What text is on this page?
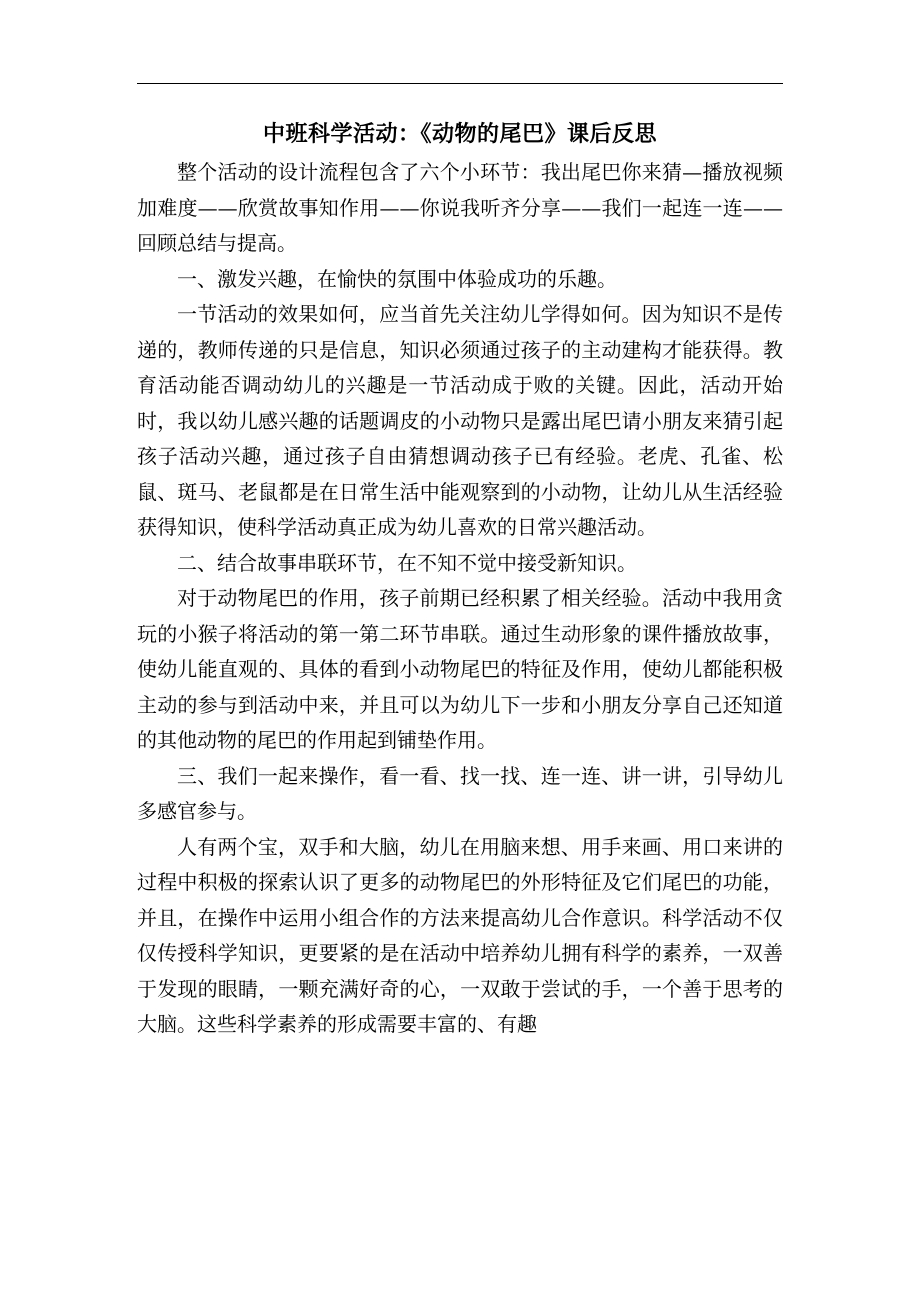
中班科学活动：《动物的尾巴》课后反思

整个活动的设计流程包含了六个小环节：我出尾巴你来猜—播放视频加难度——欣赏故事知作用——你说我听齐分享——我们一起连一连——回顾总结与提高。

一、激发兴趣，在愉快的氛围中体验成功的乐趣。

一节活动的效果如何，应当首先关注幼儿学得如何。因为知识不是传递的，教师传递的只是信息，知识必须通过孩子的主动建构才能获得。教育活动能否调动幼儿的兴趣是一节活动成于败的关键。因此，活动开始时，我以幼儿感兴趣的话题调皮的小动物只是露出尾巴请小朋友来猜引起孩子活动兴趣，通过孩子自由猜想调动孩子已有经验。老虎、孔雀、松鼠、斑马、老鼠都是在日常生活中能观察到的小动物，让幼儿从生活经验获得知识，使科学活动真正成为幼儿喜欢的日常兴趣活动。

二、结合故事串联环节，在不知不觉中接受新知识。

对于动物尾巴的作用，孩子前期已经积累了相关经验。活动中我用贪玩的小猴子将活动的第一第二环节串联。通过生动形象的课件播放故事，使幼儿能直观的、具体的看到小动物尾巴的特征及作用，使幼儿都能积极主动的参与到活动中来，并且可以为幼儿下一步和小朋友分享自己还知道的其他动物的尾巴的作用起到铺垫作用。

三、我们一起来操作，看一看、找一找、连一连、讲一讲，引导幼儿多感官参与。

人有两个宝，双手和大脑，幼儿在用脑来想、用手来画、用口来讲的过程中积极的探索认识了更多的动物尾巴的外形特征及它们尾巴的功能，并且，在操作中运用小组合作的方法来提高幼儿合作意识。科学活动不仅仅传授科学知识，更要紧的是在活动中培养幼儿拥有科学的素养，一双善于发现的眼睛，一颗充满好奇的心，一双敢于尝试的手，一个善于思考的大脑。这些科学素养的形成需要丰富的、有趣
